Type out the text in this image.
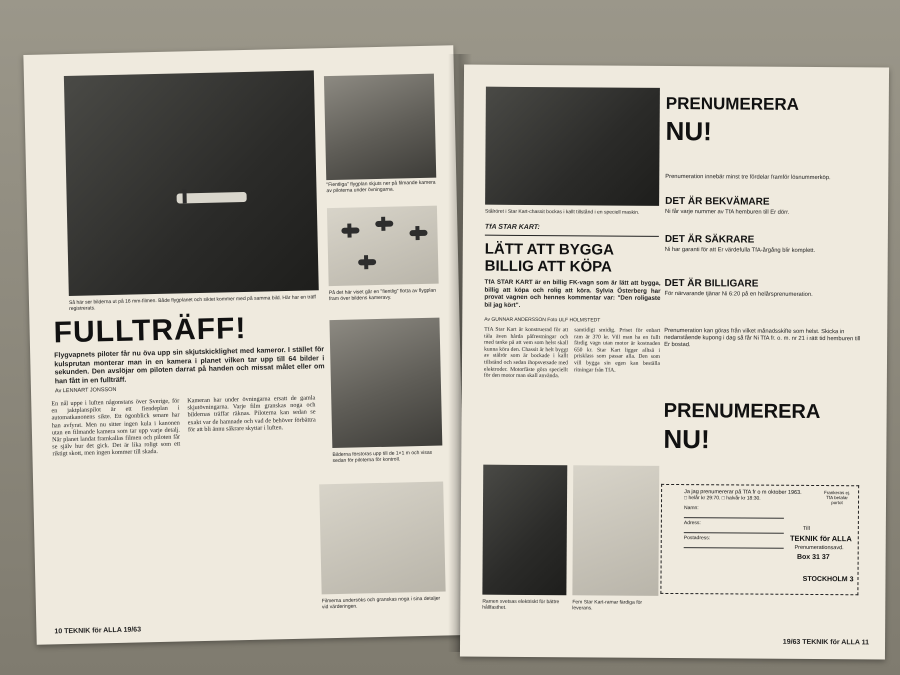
Så här ser bilderna ut på 16 mm-filmen. Både flygplanet och siktet kommer med på samma bild. Här har en träff registrerats.
"Fientliga" flygplan skjuts ner på filmande kamera av piloterna under övningarna.
På det här viset går en "fientlig" flotta av flygplan fram över bildens kameravy.
FULLTRÄFF!
Flygvapnets piloter får nu öva upp sin skjutskicklighet med kameror. I stället för kulsprutan monterar man in en kamera i planet vilken tar upp till 64 bilder i sekunden. Den avslöjar om piloten darrat på handen och missat målet eller om han fått in en fullträff.
Av LENNART JONSSON
En nål uppe i luften någonstans över Sverige, för en jaktplanspilot är ett fiendeplan i automatkanonens sikte. Ett ögonblick senare har han avfyrat. Men nu sitter ingen kula i kanonen utan en filmande kamera som tar upp varje detalj. När planet landat framkallas filmen och piloten får se själv hur det gick. Det är lika roligt som ett riktigt skott, men ingen kommer till skada.
Kameran har under övningarna ersatt de gamla skjutövningarna. Varje film granskas noga och bildernas träffar räknas. Piloterna kan sedan se exakt var de hamnade och vad de behöver förbättra för att bli ännu säkrare skyttar i luften.
Bilderna förstoras upp till de 1×1 m och visas sedan för piloterna för kontroll.
Filmerna undersöks och granskas noga i sina detaljer vid värderingen.
10 TEKNIK för ALLA 19/63
Stålröret i Star Kart-chassit bockas i kallt tillstånd i en speciell maskin.
TfA STAR KART:
LÄTT ATT BYGGA
BILLIG ATT KÖPA
TfA STAR KART är en billig FK-vagn som är lätt att bygga, billig att köpa och rolig att köra. Sylvia Österberg har provat vagnen och hennes kommentar var: "Den roligaste bil jag kört".
Av GUNNAR ANDERSSON Foto ULF HOLMSTEDT
TfA Star Kart är konstruerad för att tåla även hårda påfrestningar och med tanke på att vem som helst skall kunna köra den. Chassit är helt byggt av stålrör som är bockade i kallt tillstånd och sedan ihopsvetsade med elektroder. Motorfäste göra speciellt för den motor man skall använda.
samtidigt smidig. Priset för enbart ram är 370 kr. Vill man ha en fullt färdig vagn utan motor är kostnaden 650 kr. Star Kart ligger alltså i prisklass som passar alla. Den som vill bygga sin egen kan beställa ritningar från TfA.
Ramen svetsas elektriskt för bättre hållfasthet.
Fem Star Kart-ramar färdiga för leverans.
PRENUMERERA
NU!
Prenumeration innebär minst tre fördelar framför lösnummerköp.
DET ÄR BEKVÄMARE
Ni får varje nummer av TfA hemburen till Er dörr.
DET ÄR SÄKRARE
Ni har garanti för att Er värdefulla TfA-årgång blir komplett.
DET ÄR BILLIGARE
För närvarande tjänar Ni 6:20 på en helårsprenumeration.
Prenumeration kan göras från vilket månadsskifte som helst. Skicka in nedanstående kupong i dag så får Ni TfA fr. o. m. nr 21 i rätt tid hemburen till Er bostad.
PRENUMERERA
NU!
Ja jag prenumererar på TfA fr o m oktober 1963.
□ helår kr 29:70. □ halvår kr 18:30.
Namn:
Adress:
Postadress:
Frankeras ej. TfA betalar portot
Till
TEKNIK för ALLA
Prenumerationsavd.
Box 31 37
STOCKHOLM 3
19/63 TEKNIK för ALLA 11
